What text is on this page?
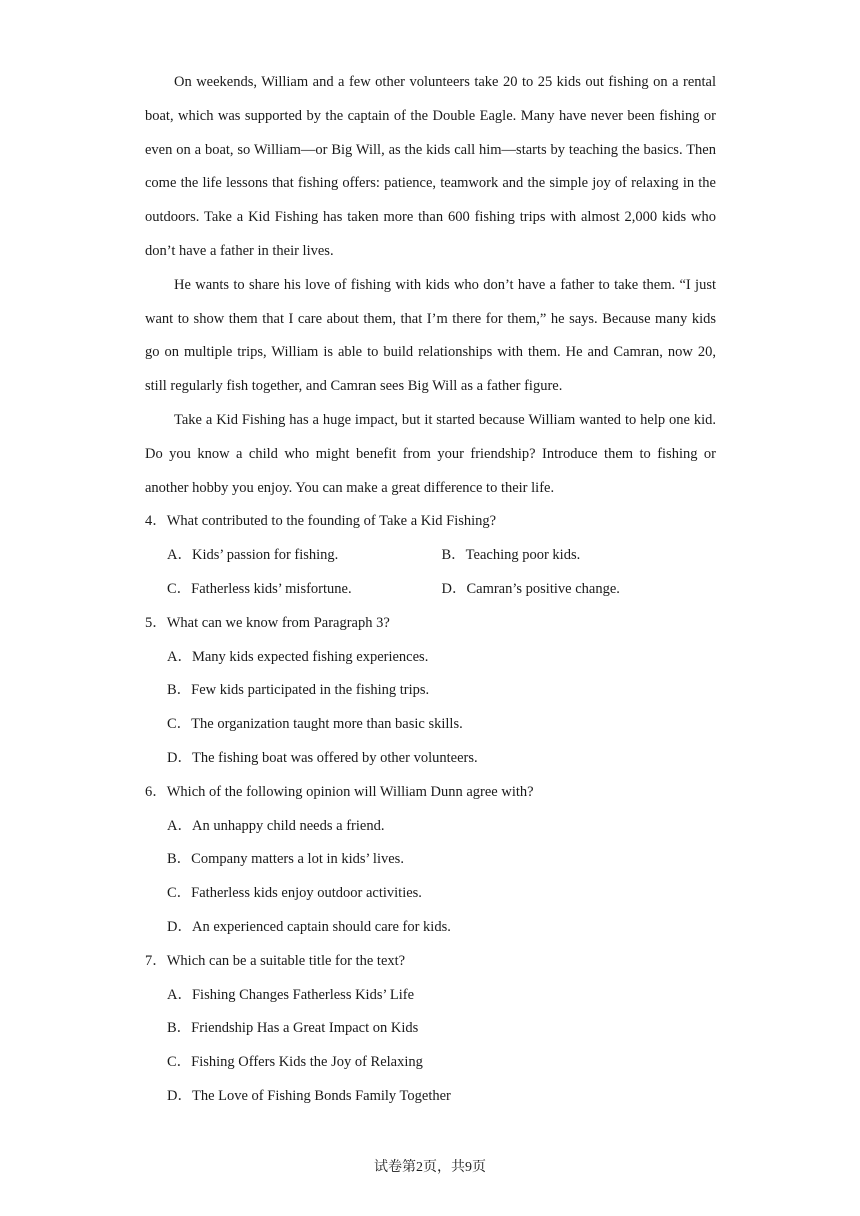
On weekends, William and a few other volunteers take 20 to 25 kids out fishing on a rental boat, which was supported by the captain of the Double Eagle. Many have never been fishing or even on a boat, so William—or Big Will, as the kids call him—starts by teaching the basics. Then come the life lessons that fishing offers: patience, teamwork and the simple joy of relaxing in the outdoors. Take a Kid Fishing has taken more than 600 fishing trips with almost 2,000 kids who don’t have a father in their lives.

He wants to share his love of fishing with kids who don’t have a father to take them. “I just want to show them that I care about them, that I’m there for them,” he says. Because many kids go on multiple trips, William is able to build relationships with them. He and Camran, now 20, still regularly fish together, and Camran sees Big Will as a father figure.

Take a Kid Fishing has a huge impact, but it started because William wanted to help one kid. Do you know a child who might benefit from your friendship? Introduce them to fishing or another hobby you enjoy. You can make a great difference to their life.

4．What contributed to the founding of Take a Kid Fishing?
A．Kids’ passion for fishing.	B．Teaching poor kids.
C．Fatherless kids’ misfortune.	D．Camran’s positive change.
5．What can we know from Paragraph 3?
A．Many kids expected fishing experiences.
B．Few kids participated in the fishing trips.
C．The organization taught more than basic skills.
D．The fishing boat was offered by other volunteers.
6．Which of the following opinion will William Dunn agree with?
A．An unhappy child needs a friend.
B．Company matters a lot in kids’ lives.
C．Fatherless kids enjoy outdoor activities.
D．An experienced captain should care for kids.
7．Which can be a suitable title for the text?
A．Fishing Changes Fatherless Kids’ Life
B．Friendship Has a Great Impact on Kids
C．Fishing Offers Kids the Joy of Relaxing
D．The Love of Fishing Bonds Family Together
试卷第2页，共9页
